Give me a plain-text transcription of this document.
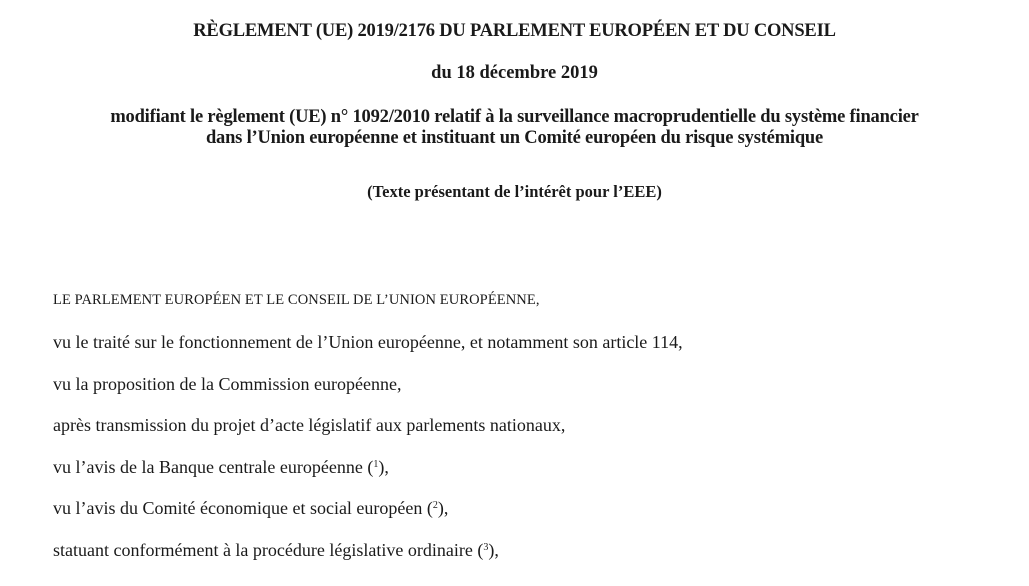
RÈGLEMENT (UE) 2019/2176 DU PARLEMENT EUROPÉEN ET DU CONSEIL
du 18 décembre 2019
modifiant le règlement (UE) n° 1092/2010 relatif à la surveillance macroprudentielle du système financier
dans l’Union européenne et instituant un Comité européen du risque systémique
(Texte présentant de l’intérêt pour l’EEE)
LE PARLEMENT EUROPÉEN ET LE CONSEIL DE L’UNION EUROPÉENNE,
vu le traité sur le fonctionnement de l’Union européenne, et notamment son article 114,
vu la proposition de la Commission européenne,
après transmission du projet d’acte législatif aux parlements nationaux,
vu l’avis de la Banque centrale européenne ($^1$),
vu l’avis du Comité économique et social européen ($^2$),
statuant conformément à la procédure législative ordinaire ($^3$),
